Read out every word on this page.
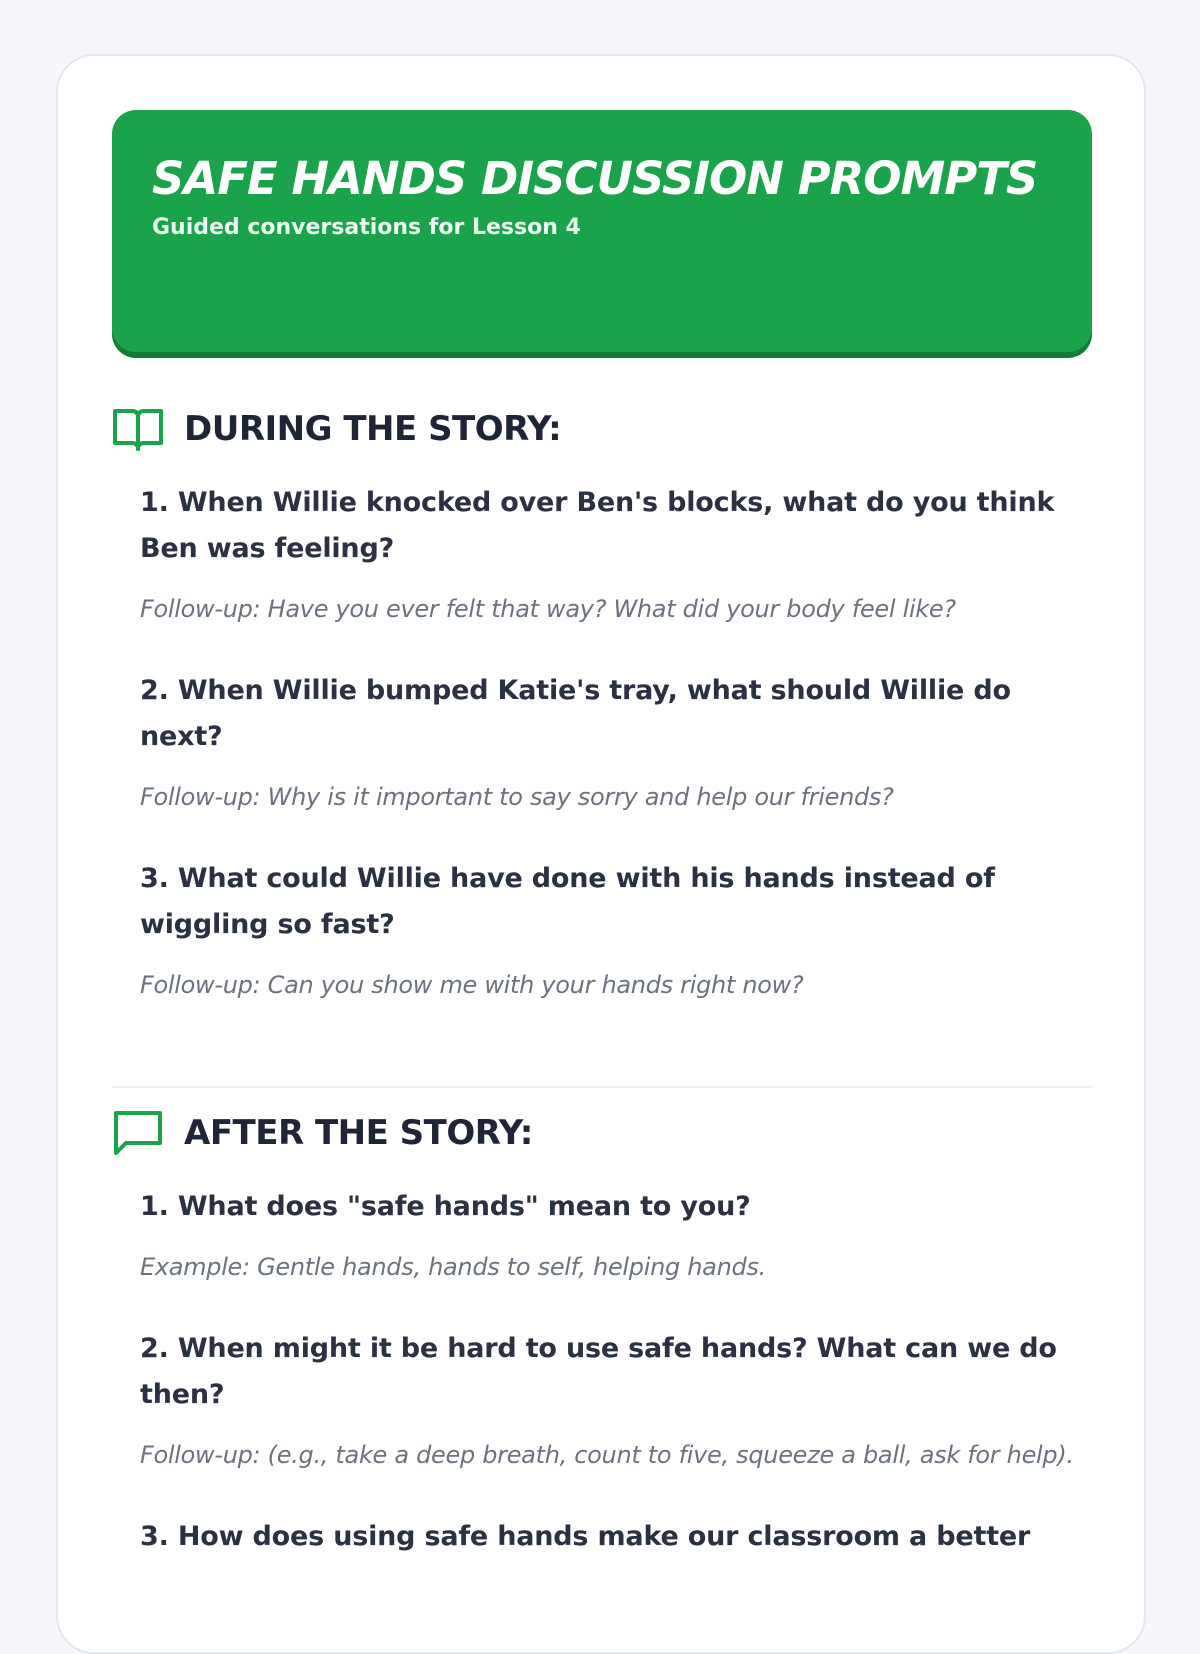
SAFE HANDS DISCUSSION PROMPTS
Guided conversations for Lesson 4
DURING THE STORY:
1. When Willie knocked over Ben's blocks, what do you think Ben was feeling?
Follow-up: Have you ever felt that way? What did your body feel like?
2. When Willie bumped Katie's tray, what should Willie do next?
Follow-up: Why is it important to say sorry and help our friends?
3. What could Willie have done with his hands instead of wiggling so fast?
Follow-up: Can you show me with your hands right now?
AFTER THE STORY:
1. What does "safe hands" mean to you?
Example: Gentle hands, hands to self, helping hands.
2. When might it be hard to use safe hands? What can we do then?
Follow-up: (e.g., take a deep breath, count to five, squeeze a ball, ask for help).
3. How does using safe hands make our classroom a better
